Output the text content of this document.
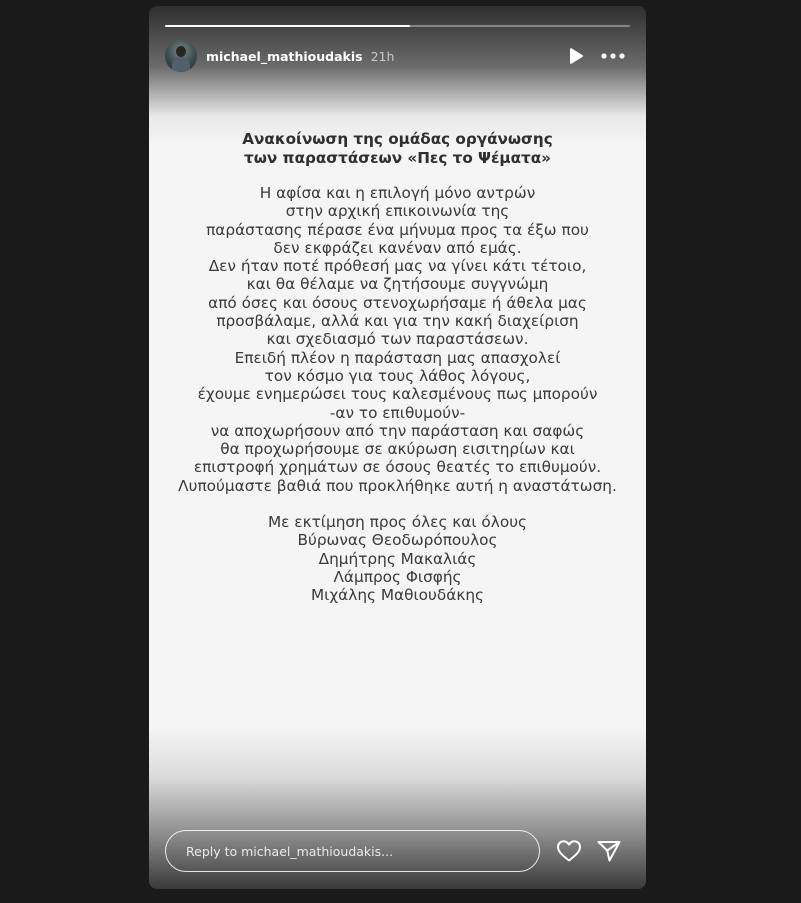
michael_mathioudakis 21h
Ανακοίνωση της ομάδας οργάνωσης
των παραστάσεων «Πες το Ψέματα»
Η αφίσα και η επιλογή μόνο αντρών
στην αρχική επικοινωνία της
παράστασης πέρασε ένα μήνυμα προς τα έξω που
δεν εκφράζει κανέναν από εμάς.
Δεν ήταν ποτέ πρόθεσή μας να γίνει κάτι τέτοιο,
και θα θέλαμε να ζητήσουμε συγγνώμη
από όσες και όσους στενοχωρήσαμε ή άθελα μας
προσβάλαμε, αλλά και για την κακή διαχείριση
και σχεδιασμό των παραστάσεων.
Επειδή πλέον η παράσταση μας απασχολεί
τον κόσμο για τους λάθος λόγους,
έχουμε ενημερώσει τους καλεσμένους πως μπορούν
-αν το επιθυμούν-
να αποχωρήσουν από την παράσταση και σαφώς
θα προχωρήσουμε σε ακύρωση εισιτηρίων και
επιστροφή χρημάτων σε όσους θεατές το επιθυμούν.
Λυπούμαστε βαθιά που προκλήθηκε αυτή η αναστάτωση.
Με εκτίμηση προς όλες και όλους
Βύρωνας Θεοδωρόπουλος
Δημήτρης Μακαλιάς
Λάμπρος Φισφής
Μιχάλης Μαθιουδάκης
Reply to michael_mathioudakis...
